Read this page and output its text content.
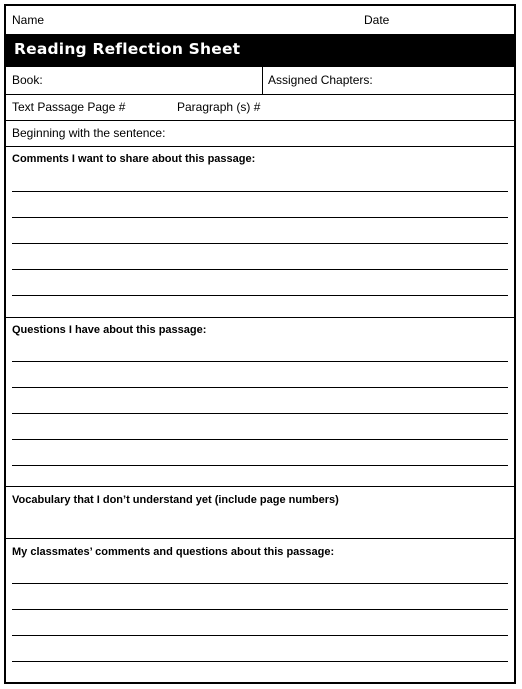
Name	Date
Reading Reflection Sheet
Book:	Assigned Chapters:
Text Passage Page #	Paragraph (s) #
Beginning with the sentence:
Comments I want to share about this passage:
Questions I have about this passage:
Vocabulary that I don’t understand yet (include page numbers)
My classmates’ comments and questions about this passage:
